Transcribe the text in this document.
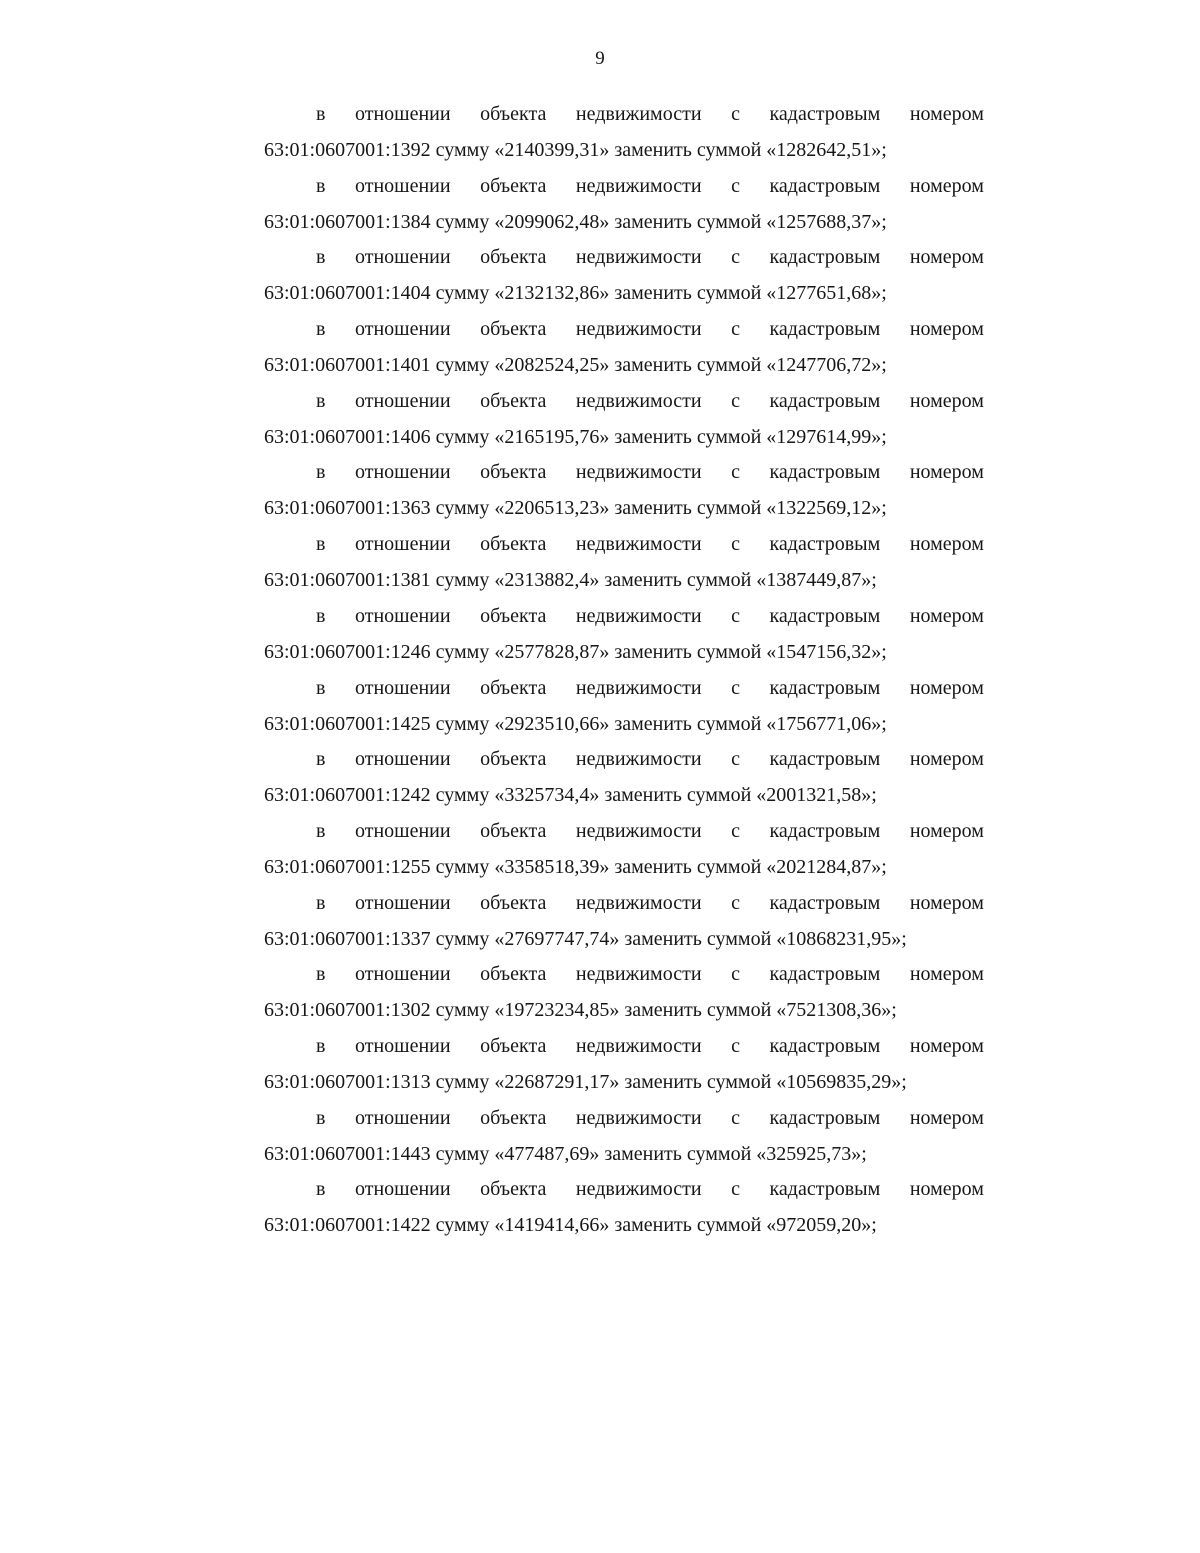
9
в отношении объекта недвижимости с кадастровым номером
63:01:0607001:1392 сумму «2140399,31» заменить суммой «1282642,51»;
в отношении объекта недвижимости с кадастровым номером
63:01:0607001:1384 сумму «2099062,48» заменить суммой «1257688,37»;
в отношении объекта недвижимости с кадастровым номером
63:01:0607001:1404 сумму «2132132,86» заменить суммой «1277651,68»;
в отношении объекта недвижимости с кадастровым номером
63:01:0607001:1401 сумму «2082524,25» заменить суммой «1247706,72»;
в отношении объекта недвижимости с кадастровым номером
63:01:0607001:1406 сумму «2165195,76» заменить суммой «1297614,99»;
в отношении объекта недвижимости с кадастровым номером
63:01:0607001:1363 сумму «2206513,23» заменить суммой «1322569,12»;
в отношении объекта недвижимости с кадастровым номером
63:01:0607001:1381 сумму «2313882,4» заменить суммой «1387449,87»;
в отношении объекта недвижимости с кадастровым номером
63:01:0607001:1246 сумму «2577828,87» заменить суммой «1547156,32»;
в отношении объекта недвижимости с кадастровым номером
63:01:0607001:1425 сумму «2923510,66» заменить суммой «1756771,06»;
в отношении объекта недвижимости с кадастровым номером
63:01:0607001:1242 сумму «3325734,4» заменить суммой «2001321,58»;
в отношении объекта недвижимости с кадастровым номером
63:01:0607001:1255 сумму «3358518,39» заменить суммой «2021284,87»;
в отношении объекта недвижимости с кадастровым номером
63:01:0607001:1337 сумму «27697747,74» заменить суммой «10868231,95»;
в отношении объекта недвижимости с кадастровым номером
63:01:0607001:1302 сумму «19723234,85» заменить суммой «7521308,36»;
в отношении объекта недвижимости с кадастровым номером
63:01:0607001:1313 сумму «22687291,17» заменить суммой «10569835,29»;
в отношении объекта недвижимости с кадастровым номером
63:01:0607001:1443 сумму «477487,69» заменить суммой «325925,73»;
в отношении объекта недвижимости с кадастровым номером
63:01:0607001:1422 сумму «1419414,66» заменить суммой «972059,20»;
